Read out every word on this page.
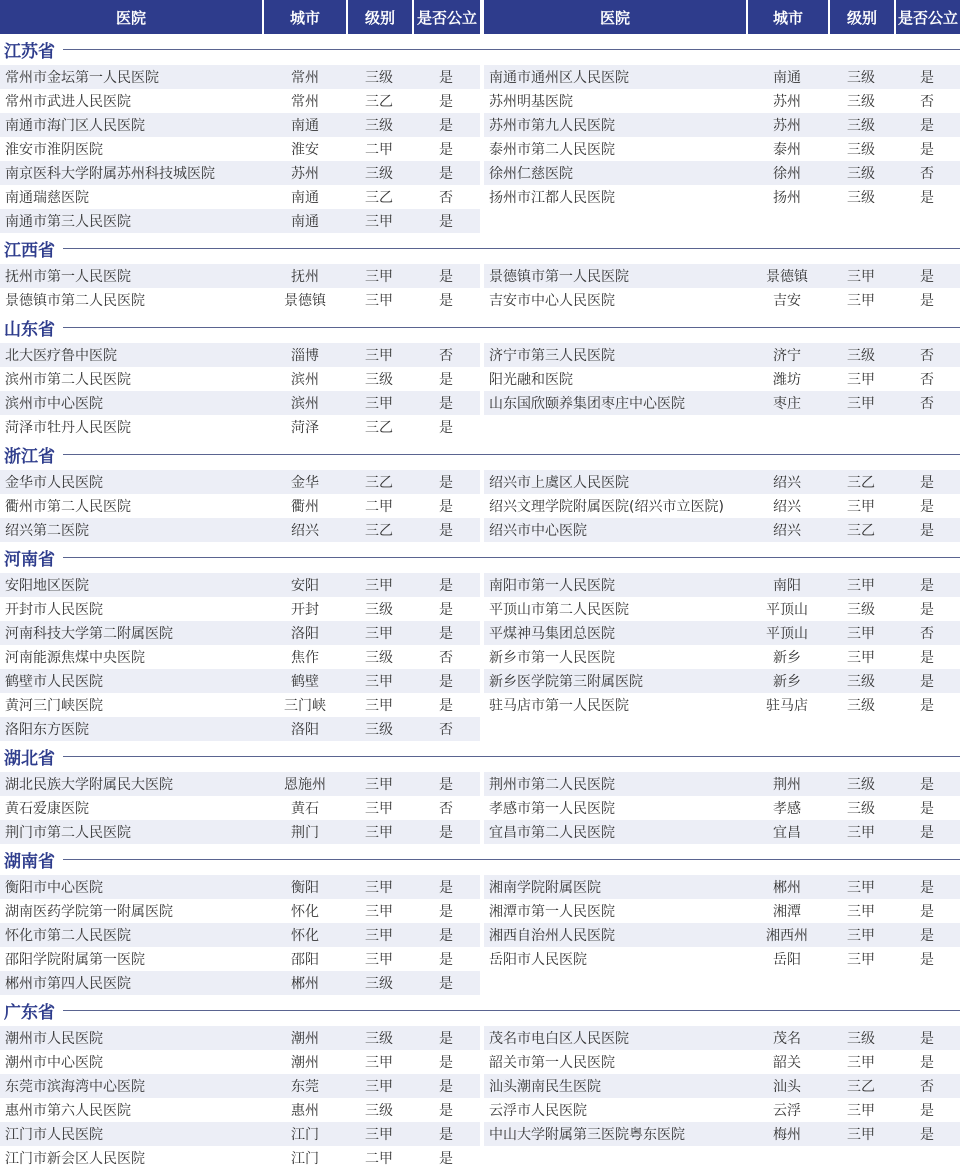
医院	城市	级别	是否公立	医院	城市	级别	是否公立
江苏省
常州市金坛第一人民医院	常州	三级	是
常州市武进人民医院	常州	三乙	是
南通市海门区人民医院	南通	三级	是
淮安市淮阴医院	淮安	二甲	是
南京医科大学附属苏州科技城医院	苏州	三级	是
南通瑞慈医院	南通	三乙	否
南通市第三人民医院	南通	三甲	是
南通市通州区人民医院	南通	三级	是
苏州明基医院	苏州	三级	否
苏州市第九人民医院	苏州	三级	是
泰州市第二人民医院	泰州	三级	是
徐州仁慈医院	徐州	三级	否
扬州市江都人民医院	扬州	三级	是
江西省
抚州市第一人民医院	抚州	三甲	是
景德镇市第二人民医院	景德镇	三甲	是
景德镇市第一人民医院	景德镇	三甲	是
吉安市中心人民医院	吉安	三甲	是
山东省
北大医疗鲁中医院	淄博	三甲	否
滨州市第二人民医院	滨州	三级	是
滨州市中心医院	滨州	三甲	是
菏泽市牡丹人民医院	菏泽	三乙	是
济宁市第三人民医院	济宁	三级	否
阳光融和医院	潍坊	三甲	否
山东国欣颐养集团枣庄中心医院	枣庄	三甲	否
浙江省
金华市人民医院	金华	三乙	是
衢州市第二人民医院	衢州	二甲	是
绍兴第二医院	绍兴	三乙	是
绍兴市上虞区人民医院	绍兴	三乙	是
绍兴文理学院附属医院(绍兴市立医院)	绍兴	三甲	是
绍兴市中心医院	绍兴	三乙	是
河南省
安阳地区医院	安阳	三甲	是
开封市人民医院	开封	三级	是
河南科技大学第二附属医院	洛阳	三甲	是
河南能源焦煤中央医院	焦作	三级	否
鹤壁市人民医院	鹤壁	三甲	是
黄河三门峡医院	三门峡	三甲	是
洛阳东方医院	洛阳	三级	否
南阳市第一人民医院	南阳	三甲	是
平顶山市第二人民医院	平顶山	三级	是
平煤神马集团总医院	平顶山	三甲	否
新乡市第一人民医院	新乡	三甲	是
新乡医学院第三附属医院	新乡	三级	是
驻马店市第一人民医院	驻马店	三级	是
湖北省
湖北民族大学附属民大医院	恩施州	三甲	是
黄石爱康医院	黄石	三甲	否
荆门市第二人民医院	荆门	三甲	是
荆州市第二人民医院	荆州	三级	是
孝感市第一人民医院	孝感	三级	是
宜昌市第二人民医院	宜昌	三甲	是
湖南省
衡阳市中心医院	衡阳	三甲	是
湖南医药学院第一附属医院	怀化	三甲	是
怀化市第二人民医院	怀化	三甲	是
邵阳学院附属第一医院	邵阳	三甲	是
郴州市第四人民医院	郴州	三级	是
湘南学院附属医院	郴州	三甲	是
湘潭市第一人民医院	湘潭	三甲	是
湘西自治州人民医院	湘西州	三甲	是
岳阳市人民医院	岳阳	三甲	是
广东省
潮州市人民医院	潮州	三级	是
潮州市中心医院	潮州	三甲	是
东莞市滨海湾中心医院	东莞	三甲	是
惠州市第六人民医院	惠州	三级	是
江门市人民医院	江门	三甲	是
江门市新会区人民医院	江门	二甲	是
茂名市电白区人民医院	茂名	三级	是
韶关市第一人民医院	韶关	三甲	是
汕头潮南民生医院	汕头	三乙	否
云浮市人民医院	云浮	三甲	是
中山大学附属第三医院粤东医院	梅州	三甲	是
